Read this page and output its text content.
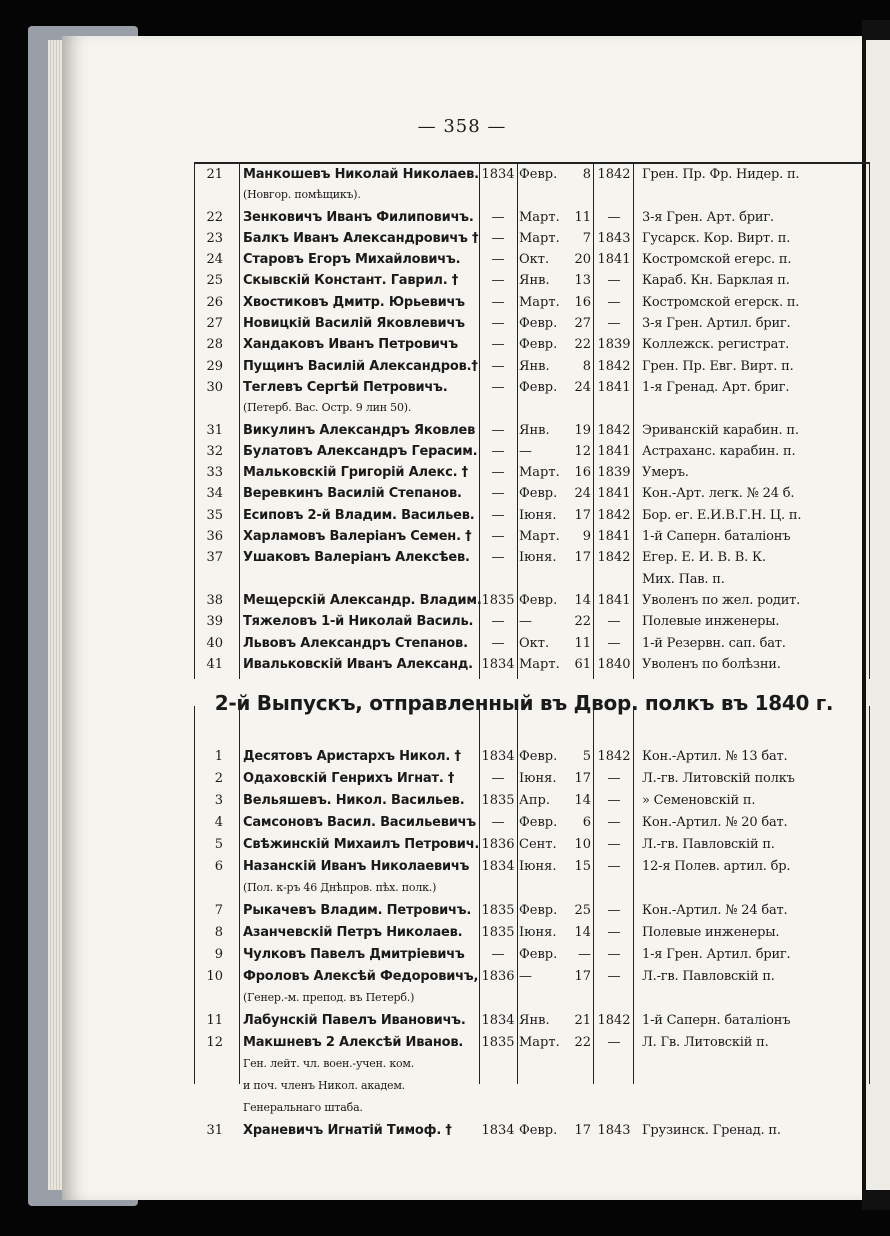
— 358 —
21 Манкошевъ Николай Николаев. 1834 Февр.	8 1842 Грен. Пр. Фр. Нидер. п.
(Новгор. помѣщикъ).
22 Зенковичъ Иванъ Филиповичъ.	—	Март.	11	—	3-я Грен. Арт. бриг.
23 Балкъ Иванъ Александровичъ †	—	Март.	7 1843 Гусарск. Кор. Вирт. п.
24 Старовъ Егоръ Михайловичъ.	—	Окт.	20 1841 Костромской егерс. п.
25 Скывскій Констант. Гаврил. †	—	Янв.	13	—	Караб. Кн. Барклая п.
26 Хвостиковъ Дмитр. Юрьевичъ	—	Март.	16	—	Костромской егерск. п.
27 Новицкій Василій Яковлевичъ	—	Февр.	27	—	3-я Грен. Артил. бриг.
28 Хандаковъ Иванъ Петровичъ	—	Февр.	22 1839 Коллежск. регистрат.
29 Пущинъ Василій Александров.†	—	Янв.	8 1842 Грен. Пр. Евг. Вирт. п.
30 Теглевъ Сергѣй Петровичъ.	—	Февр.	24 1841 1-я Гренад. Арт. бриг.
(Петерб. Вас. Остр. 9 лин 50).
31 Викулинъ Александръ Яковлев	—	Янв.	19 1842 Эриванскій карабин. п.
32 Булатовъ Александръ Герасим.	—	—	12 1841 Астраханс. карабин. п.
33 Мальковскій Григорій Алекс. †	—	Март.	16 1839 Умеръ.
34 Веревкинъ Василій Степанов.	—	Февр.	24 1841 Кон.-Арт. легк. № 24 б.
35 Есиповъ 2-й Владим. Васильев.	—	Іюня.	17 1842 Бор. ег. Е.И.В.Г.Н. Ц. п.
36 Харламовъ Валеріанъ Семен. †	—	Март.	9 1841 1-й Саперн. баталіонъ
37 Ушаковъ Валеріанъ Алексѣев.	—	Іюня.	17 1842 Егер. Е. И. В. В. К.
Мих. Пав. п.
38 Мещерскій Александр. Владим. 1835 Февр.	14 1841 Уволенъ по жел. родит.
39 Тяжеловъ 1-й Николай Василь.	—	—	22	—	Полевые инженеры.
40 Львовъ Александръ Степанов.	—	Окт.	11	—	1-й Резервн. сап. бат.
41 Ивальковскій Иванъ Александ. 1834 Март.	61 1840 Уволенъ по болѣзни.
2-й Выпускъ, отправленный въ Двор. полкъ въ 1840 г.
1 Десятовъ Аристархъ Никол. † 1834 Февр.	5 1842 Кон.-Артил. № 13 бат.
2 Одаховскій Генрихъ Игнат. †	—	Іюня.	17	—	Л.-гв. Литовскій полкъ
3 Вельяшевъ. Никол. Васильев. 1835 Апр.	14	—	» Семеновскій п.
4 Самсоновъ Васил. Васильевичъ	—	Февр.	6	—	Кон.-Артил. № 20 бат.
5 Свѣжинскій Михаилъ Петрович. 1836 Сент.	10	—	Л.-гв. Павловскій п.
6 Назанскій Иванъ Николаевичъ 1834 Іюня.	15	—	12-я Полев. артил. бр.
(Пол. к-ръ 46 Днѣпров. пѣх. полк.)
7 Рыкачевъ Владим. Петровичъ. 1835 Февр.	25	—	Кон.-Артил. № 24 бат.
8 Азанчевскій Петръ Николаев. 1835 Іюня.	14	—	Полевые инженеры.
9 Чулковъ Павелъ Дмитріевичъ	—	Февр.	—	—	1-я Грен. Артил. бриг.
10 Фроловъ Алексѣй Федоровичъ, 1836 —	17	—	Л.-гв. Павловскій п.
(Генер.-м. препод. въ Петерб.)
11 Лабунскій Павелъ Ивановичъ. 1834 Янв.	21 1842 1-й Саперн. баталіонъ
12 Макшневъ 2 Алексѣй Иванов. 1835 Март.	22	—	Л. Гв. Литовскій п.
Ген. лейт. чл. воен.-учен. ком.
и поч. членъ Никол. академ.
Генеральнаго штаба.
31 Храневичъ Игнатій Тимоф. † 1834 Февр.	17 1843 Грузинск. Гренад. п.
